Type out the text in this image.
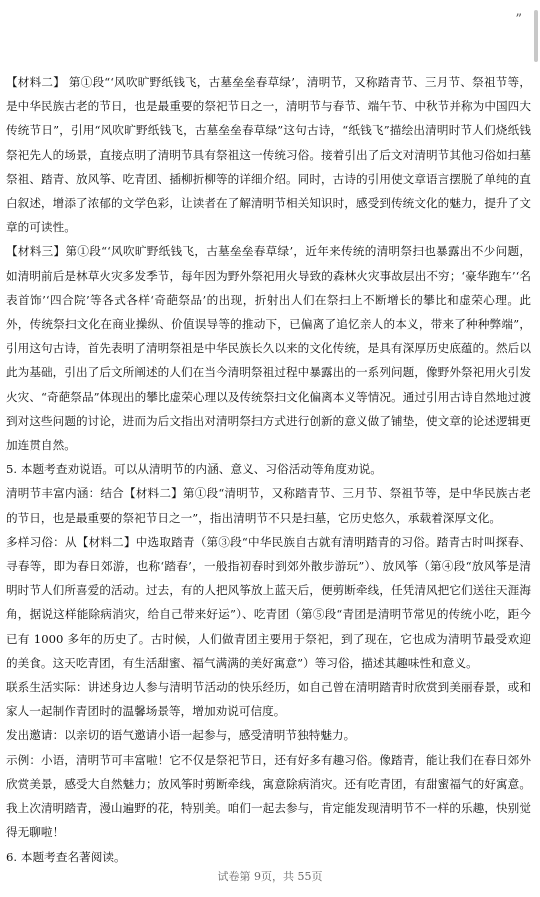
”

【材料二】 第①段“‘风吹旷野纸钱飞，古墓垒垒春草绿’，清明节，又称踏青节、三月节、祭祖节等，是中华民族古老的节日，也是最重要的祭祀节日之一，清明节与春节、端午节、中秋节并称为中国四大传统节日”，引用“风吹旷野纸钱飞，古墓垒垒春草绿”这句古诗，“纸钱飞”描绘出清明时节人们烧纸钱祭祀先人的场景，直接点明了清明节具有祭祖这一传统习俗。接着引出了后文对清明节其他习俗如扫墓祭祖、踏青、放风筝、吃青团、插柳折柳等的详细介绍。同时，古诗的引用使文章语言摆脱了单纯的直白叙述，增添了浓郁的文学色彩，让读者在了解清明节相关知识时，感受到传统文化的魅力，提升了文章的可读性。

【材料三】第①段“‘风吹旷野纸钱飞，古墓垒垒春草绿’，近年来传统的清明祭扫也暴露出不少问题，如清明前后是林草火灾多发季节，每年因为野外祭祀用火导致的森林火灾事故层出不穷；‘豪华跑车’‘名表首饰’‘四合院’等各式各样‘奇葩祭品’的出现，折射出人们在祭扫上不断增长的攀比和虚荣心理。此外，传统祭扫文化在商业操纵、价值误导等的推动下，已偏离了追忆亲人的本义，带来了种种弊端”，引用这句古诗，首先表明了清明祭祖是中华民族长久以来的文化传统，是具有深厚历史底蕴的。然后以此为基础，引出了后文所阐述的人们在当今清明祭祖过程中暴露出的一系列问题，像野外祭祀用火引发火灾、“奇葩祭品”体现出的攀比虚荣心理以及传统祭扫文化偏离本义等情况。通过引用古诗自然地过渡到对这些问题的讨论，进而为后文指出对清明祭扫方式进行创新的意义做了铺垫，使文章的论述逻辑更加连贯自然。

5. 本题考查劝说语。可以从清明节的内涵、意义、习俗活动等角度劝说。

清明节丰富内涵：结合【材料二】第①段“清明节，又称踏青节、三月节、祭祖节等，是中华民族古老的节日，也是最重要的祭祀节日之一”，指出清明节不只是扫墓，它历史悠久，承载着深厚文化。

多样习俗：从【材料二】中选取踏青（第③段“中华民族自古就有清明踏青的习俗。踏青古时叫探春、寻春等，即为春日郊游，也称‘踏春’，一般指初春时到郊外散步游玩”）、放风筝（第④段“放风筝是清明时节人们所喜爱的活动。过去，有的人把风筝放上蓝天后，便剪断牵线，任凭清风把它们送往天涯海角，据说这样能除病消灾，给自己带来好运”）、吃青团（第⑤段“青团是清明节常见的传统小吃，距今已有 1000 多年的历史了。古时候，人们做青团主要用于祭祀，到了现在，它也成为清明节最受欢迎的美食。这天吃青团，有生活甜蜜、福气满满的美好寓意”）等习俗，描述其趣味性和意义。

联系生活实际：讲述身边人参与清明节活动的快乐经历，如自己曾在清明踏青时欣赏到美丽春景，或和家人一起制作青团时的温馨场景等，增加劝说可信度。

发出邀请：以亲切的语气邀请小语一起参与，感受清明节独特魅力。

示例：小语，清明节可丰富啦！它不仅是祭祀节日，还有好多有趣习俗。像踏青，能让我们在春日郊外欣赏美景，感受大自然魅力；放风筝时剪断牵线，寓意除病消灾。还有吃青团，有甜蜜福气的好寓意。我上次清明踏青，漫山遍野的花，特别美。咱们一起去参与，肯定能发现清明节不一样的乐趣，快别觉得无聊啦！

6. 本题考查名著阅读。

试卷第 9页，共 55页
